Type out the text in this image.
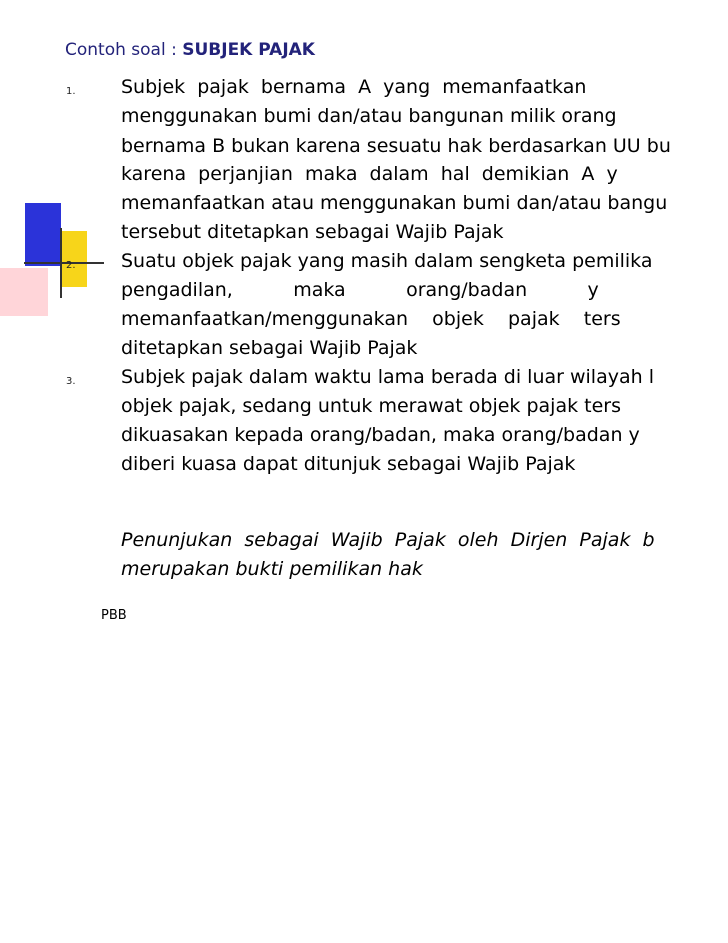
Contoh soal : SUBJEK PAJAK
1. Subjek  pajak  bernama  A  yang  memanfaatkan
menggunakan bumi dan/atau bangunan milik orang
bernama B bukan karena sesuatu hak berdasarkan UU bu
karena  perjanjian  maka  dalam  hal  demikian  A  y
memanfaatkan atau menggunakan bumi dan/atau bangu
tersebut ditetapkan sebagai Wajib Pajak
2. Suatu objek pajak yang masih dalam sengketa pemilika
pengadilan,          maka          orang/badan          y
memanfaatkan/menggunakan    objek    pajak    ters
ditetapkan sebagai Wajib Pajak
3. Subjek pajak dalam waktu lama berada di luar wilayah l
objek pajak, sedang untuk merawat objek pajak ters
dikuasakan kepada orang/badan, maka orang/badan y
diberi kuasa dapat ditunjuk sebagai Wajib Pajak
Penunjukan  sebagai  Wajib  Pajak  oleh  Dirjen  Pajak  b
merupakan bukti pemilikan hak
PBB
